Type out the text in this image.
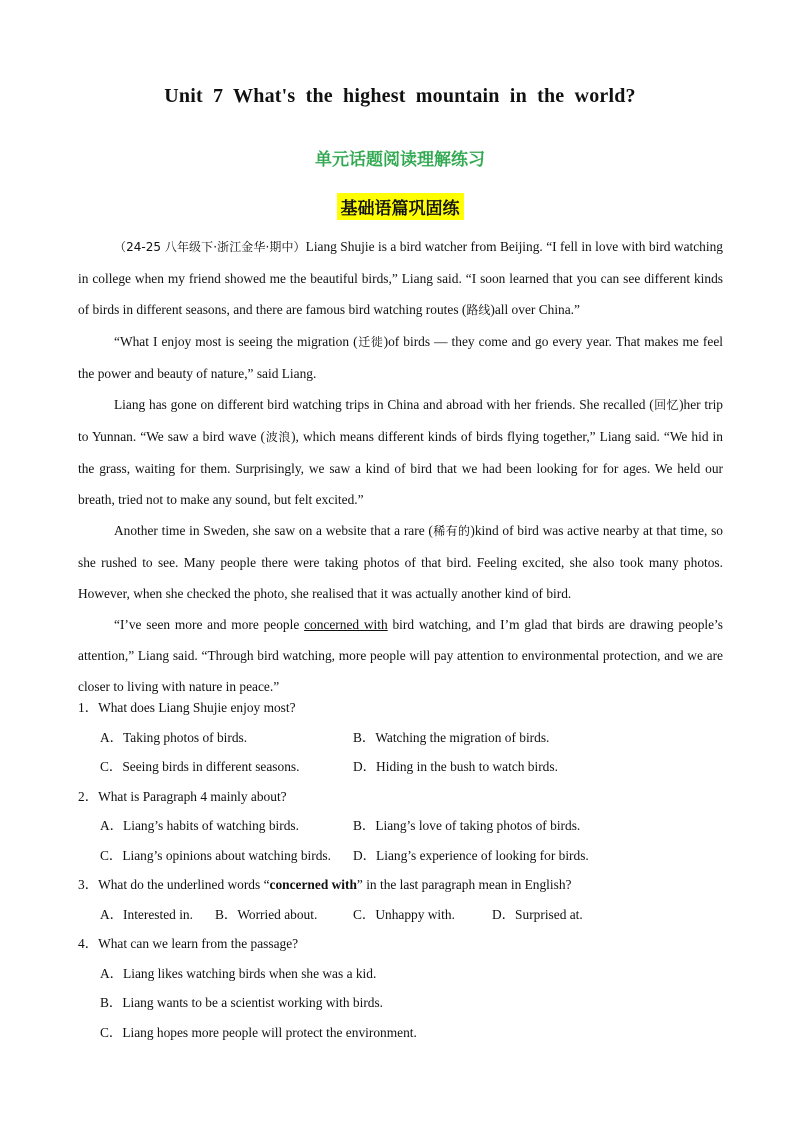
Unit 7 What's the highest mountain in the world?
单元话题阅读理解练习
基础语篇巩固练

（24-25 八年级下·浙江金华·期中）Liang Shujie is a bird watcher from Beijing. “I fell in love with bird watching in college when my friend showed me the beautiful birds,” Liang said. “I soon learned that you can see different kinds of birds in different seasons, and there are famous bird watching routes (路线)all over China.”

“What I enjoy most is seeing the migration (迁徙)of birds — they come and go every year. That makes me feel the power and beauty of nature,” said Liang.

Liang has gone on different bird watching trips in China and abroad with her friends. She recalled (回忆)her trip to Yunnan. “We saw a bird wave (波浪), which means different kinds of birds flying together,” Liang said. “We hid in the grass, waiting for them. Surprisingly, we saw a kind of bird that we had been looking for for ages. We held our breath, tried not to make any sound, but felt excited.”

Another time in Sweden, she saw on a website that a rare (稀有的)kind of bird was active nearby at that time, so she rushed to see. Many people there were taking photos of that bird. Feeling excited, she also took many photos. However, when she checked the photo, she realised that it was actually another kind of bird.

“I’ve seen more and more people concerned with bird watching, and I’m glad that birds are drawing people’s attention,” Liang said. “Through bird watching, more people will pay attention to environmental protection, and we are closer to living with nature in peace.”

1．What does Liang Shujie enjoy most?
A．Taking photos of birds.	B．Watching the migration of birds.
C．Seeing birds in different seasons.	D．Hiding in the bush to watch birds.
2．What is Paragraph 4 mainly about?
A．Liang’s habits of watching birds.	B．Liang’s love of taking photos of birds.
C．Liang’s opinions about watching birds.	D．Liang’s experience of looking for birds.
3．What do the underlined words “concerned with” in the last paragraph mean in English?
A．Interested in.	B．Worried about.	C．Unhappy with.	D．Surprised at.
4．What can we learn from the passage?
A．Liang likes watching birds when she was a kid.
B．Liang wants to be a scientist working with birds.
C．Liang hopes more people will protect the environment.
